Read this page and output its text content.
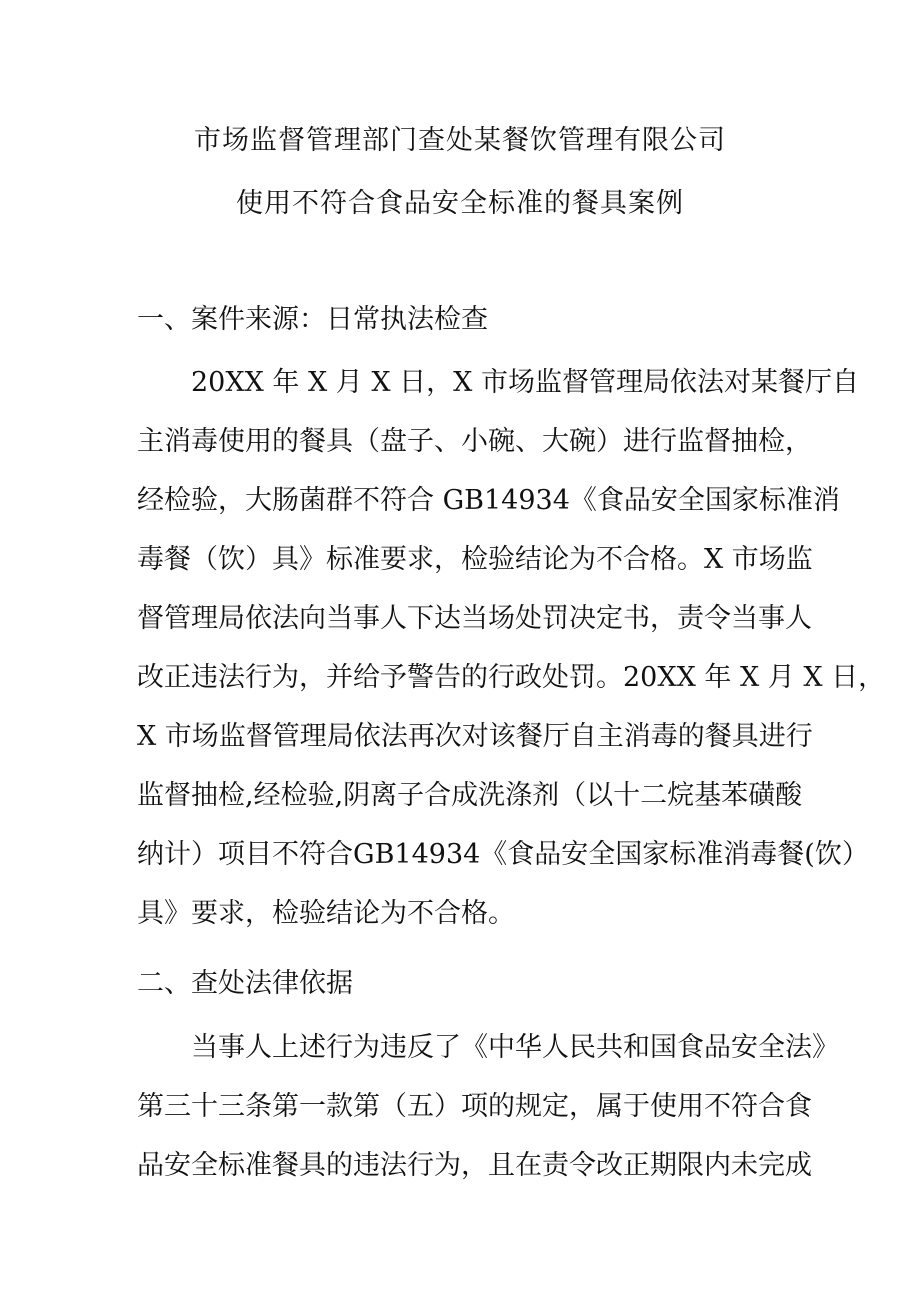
市场监督管理部门查处某餐饮管理有限公司
使用不符合食品安全标准的餐具案例
一、案件来源：日常执法检查
20XX 年 X 月 X 日，X 市场监督管理局依法对某餐厅自
主消毒使用的餐具（盘子、小碗、大碗）进行监督抽检，
经检验，大肠菌群不符合 GB14934《食品安全国家标准消
毒餐（饮）具》标准要求，检验结论为不合格。X 市场监
督管理局依法向当事人下达当场处罚决定书，责令当事人
改正违法行为，并给予警告的行政处罚。20XX 年 X 月 X 日，
X 市场监督管理局依法再次对该餐厅自主消毒的餐具进行
监督抽检,经检验,阴离子合成洗涤剂（以十二烷基苯磺酸
纳计）项目不符合GB14934《食品安全国家标准消毒餐(饮）
具》要求，检验结论为不合格。
二、查处法律依据
当事人上述行为违反了《中华人民共和国食品安全法》
第三十三条第一款第（五）项的规定，属于使用不符合食
品安全标准餐具的违法行为，且在责令改正期限内未完成
